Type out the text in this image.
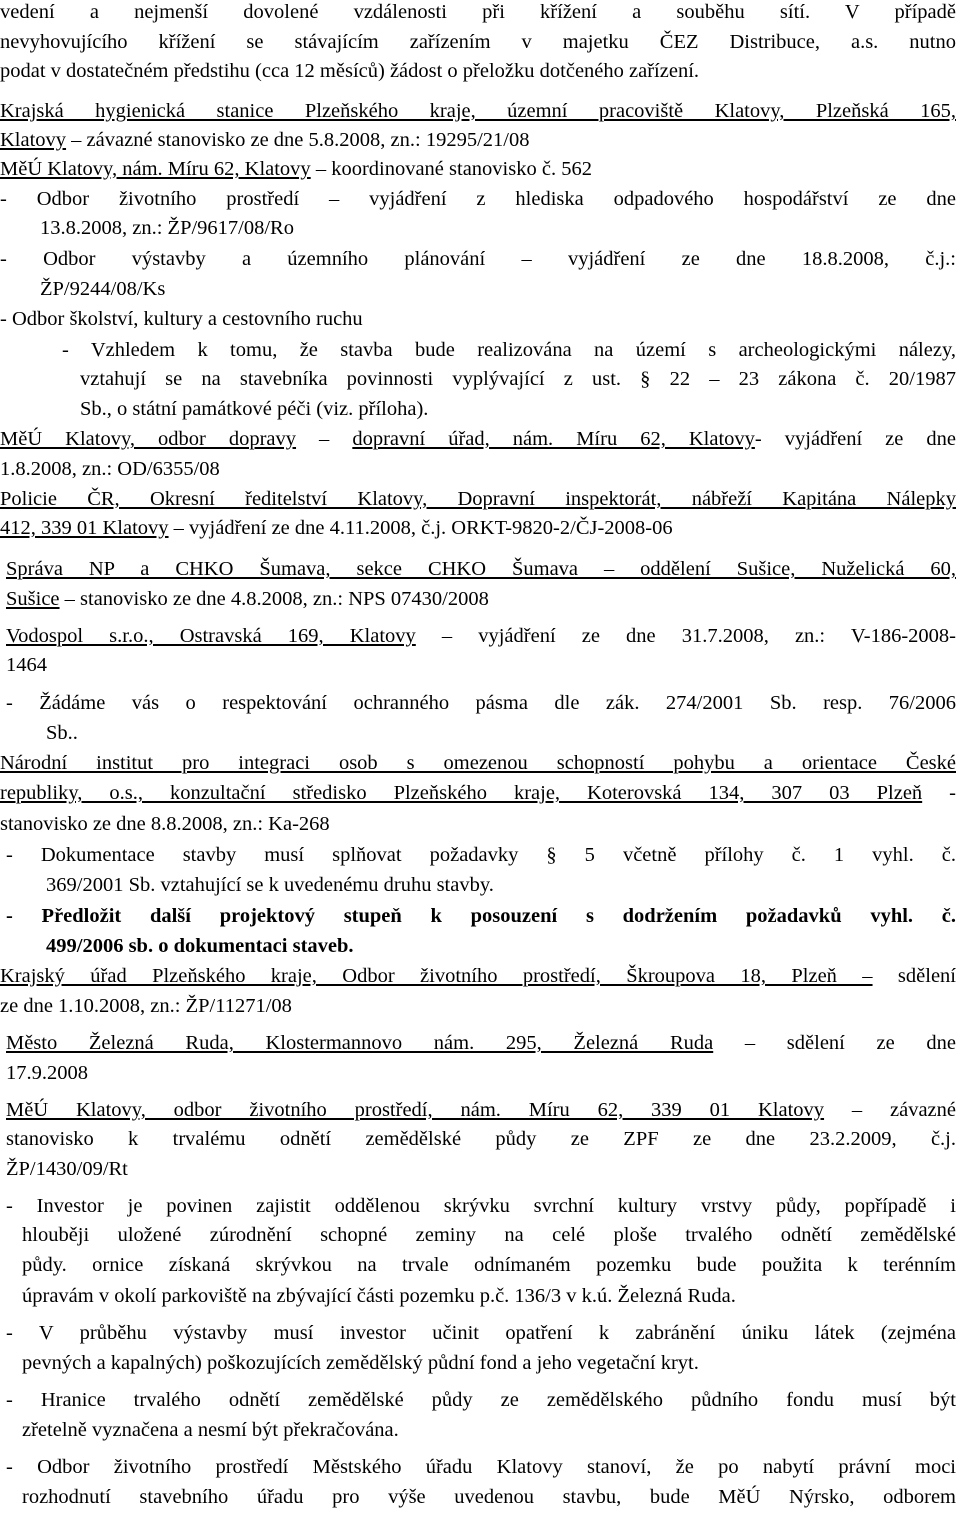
vedení a nejmenší dovolené vzdálenosti při křížení a souběhu sítí. V případě
nevyhovujícího křížení se stávajícím zařízením v majetku ČEZ Distribuce, a.s. nutno
podat v dostatečném předstihu (cca 12 měsíců) žádost o přeložku dotčeného zařízení.
Krajská hygienická stanice Plzeňského kraje, územní pracoviště Klatovy, Plzeňská 165,
Klatovy – závazné stanovisko ze dne 5.8.2008, zn.: 19295/21/08
MěÚ Klatovy, nám. Míru 62, Klatovy – koordinované stanovisko č. 562
- Odbor životního prostředí – vyjádření z hlediska odpadového hospodářství ze dne
13.8.2008, zn.: ŽP/9617/08/Ro
- Odbor výstavby a územního plánování – vyjádření ze dne 18.8.2008, č.j.:
ŽP/9244/08/Ks
- Odbor školství, kultury a cestovního ruchu
- Vzhledem k tomu, že stavba bude realizována na území s archeologickými nálezy,
vztahují se na stavebníka povinnosti vyplývající z ust. § 22 – 23 zákona č. 20/1987
Sb., o státní památkové péči (viz. příloha).
MěÚ Klatovy, odbor dopravy – dopravní úřad, nám. Míru 62, Klatovy- vyjádření ze dne
1.8.2008, zn.: OD/6355/08
Policie ČR, Okresní ředitelství Klatovy, Dopravní inspektorát, nábřeží Kapitána Nálepky
412, 339 01 Klatovy – vyjádření ze dne 4.11.2008, č.j. ORKT-9820-2/ČJ-2008-06
Správa NP a CHKO Šumava, sekce CHKO Šumava – oddělení Sušice, Nuželická 60,
Sušice – stanovisko ze dne 4.8.2008, zn.: NPS 07430/2008
Vodospol s.r.o., Ostravská 169, Klatovy – vyjádření ze dne 31.7.2008, zn.: V-186-2008-
1464
- Žádáme vás o respektování ochranného pásma dle zák. 274/2001 Sb. resp. 76/2006
Sb..
Národní institut pro integraci osob s omezenou schopností pohybu a orientace České
republiky, o.s., konzultační středisko Plzeňského kraje, Koterovská 134, 307 03 Plzeň -
stanovisko ze dne 8.8.2008, zn.: Ka-268
- Dokumentace stavby musí splňovat požadavky § 5 včetně přílohy č. 1 vyhl. č.
369/2001 Sb. vztahující se k uvedenému druhu stavby.
- Předložit další projektový stupeň k posouzení s dodržením požadavků vyhl. č.
499/2006 sb. o dokumentaci staveb.
Krajský úřad Plzeňského kraje, Odbor životního prostředí, Škroupova 18, Plzeň – sdělení
ze dne 1.10.2008, zn.: ŽP/11271/08
Město Železná Ruda, Klostermannovo nám. 295, Železná Ruda – sdělení ze dne
17.9.2008
MěÚ Klatovy, odbor životního prostředí, nám. Míru 62, 339 01 Klatovy – závazné
stanovisko k trvalému odnětí zemědělské půdy ze ZPF ze dne 23.2.2009, č.j.
ŽP/1430/09/Rt
- Investor je povinen zajistit oddělenou skrývku svrchní kultury vrstvy půdy, popřípadě i
hlouběji uložené zúrodnění schopné zeminy na celé ploše trvalého odnětí zemědělské
půdy. ornice získaná skrývkou na trvale odnímaném pozemku bude použita k terénním
úpravám v okolí parkoviště na zbývající části pozemku p.č. 136/3 v k.ú. Železná Ruda.
- V průběhu výstavby musí investor učinit opatření k zabránění úniku látek (zejména
pevných a kapalných) poškozujících zemědělský půdní fond a jeho vegetační kryt.
- Hranice trvalého odnětí zemědělské půdy ze zemědělského půdního fondu musí být
zřetelně vyznačena a nesmí být překračována.
- Odbor životního prostředí Městského úřadu Klatovy stanoví, že po nabytí právní moci
rozhodnutí stavebního úřadu pro výše uvedenou stavbu, bude MěÚ Nýrsko, odborem
